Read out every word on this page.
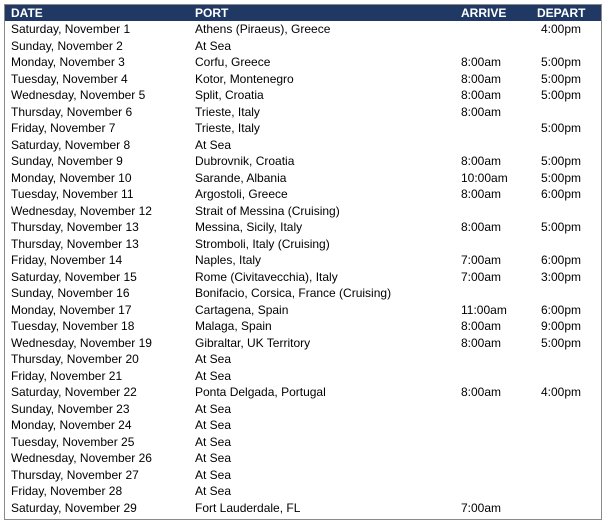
DATE	PORT	ARRIVE	DEPART
Saturday, November 1	Athens (Piraeus), Greece		4:00pm
Sunday, November 2	At Sea		
Monday, November 3	Corfu, Greece	8:00am	5:00pm
Tuesday, November 4	Kotor, Montenegro	8:00am	5:00pm
Wednesday, November 5	Split, Croatia	8:00am	5:00pm
Thursday, November 6	Trieste, Italy	8:00am	
Friday, November 7	Trieste, Italy		5:00pm
Saturday, November 8	At Sea		
Sunday, November 9	Dubrovnik, Croatia	8:00am	5:00pm
Monday, November 10	Sarande, Albania	10:00am	5:00pm
Tuesday, November 11	Argostoli, Greece	8:00am	6:00pm
Wednesday, November 12	Strait of Messina (Cruising)		
Thursday, November 13	Messina, Sicily, Italy	8:00am	5:00pm
Thursday, November 13	Stromboli, Italy (Cruising)		
Friday, November 14	Naples, Italy	7:00am	6:00pm
Saturday, November 15	Rome (Civitavecchia), Italy	7:00am	3:00pm
Sunday, November 16	Bonifacio, Corsica, France (Cruising)		
Monday, November 17	Cartagena, Spain	11:00am	6:00pm
Tuesday, November 18	Malaga, Spain	8:00am	9:00pm
Wednesday, November 19	Gibraltar, UK Territory	8:00am	5:00pm
Thursday, November 20	At Sea		
Friday, November 21	At Sea		
Saturday, November 22	Ponta Delgada, Portugal	8:00am	4:00pm
Sunday, November 23	At Sea		
Monday, November 24	At Sea		
Tuesday, November 25	At Sea		
Wednesday, November 26	At Sea		
Thursday, November 27	At Sea		
Friday, November 28	At Sea		
Saturday, November 29	Fort Lauderdale, FL	7:00am	
